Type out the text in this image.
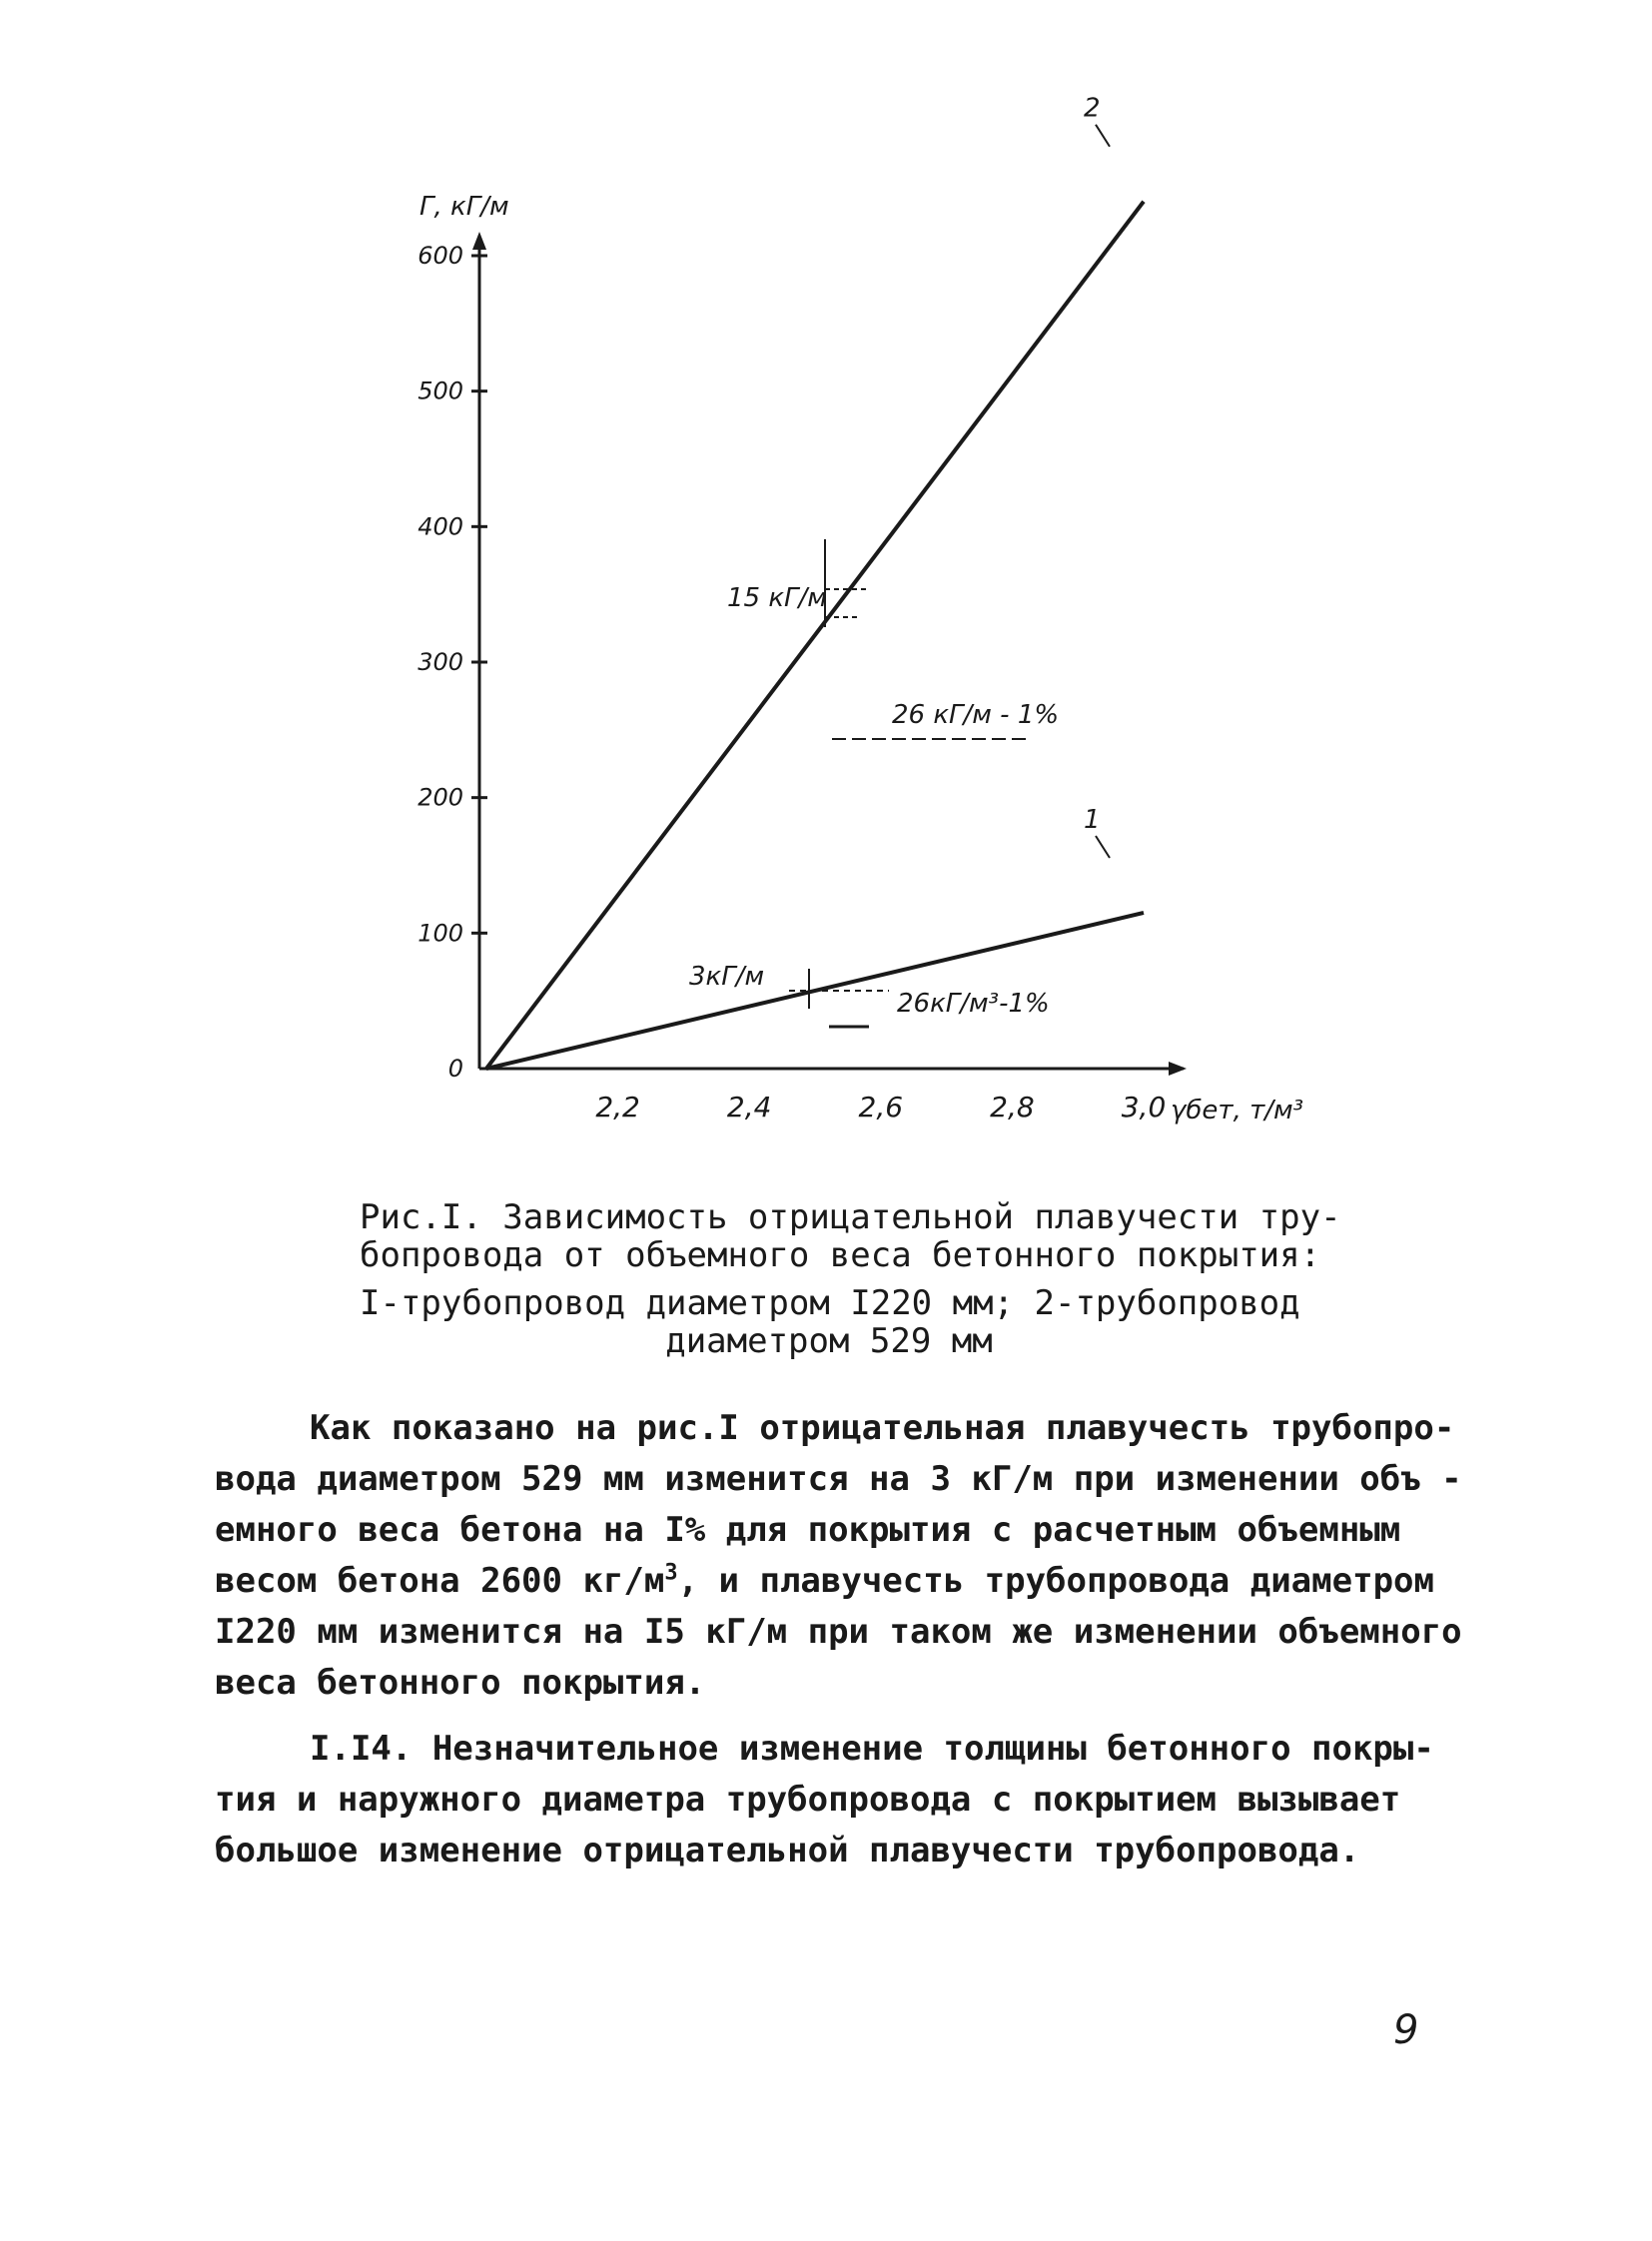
Г, кГ/м
γбет, т/м³
0
100
200
300
400
500
600
2,2	2,4	2,6	2,8	3,0
1
2
15 кГ/м
26 кГ/м - 1%
3кГ/м
26кГ/м³-1%
Рис.I. Зависимость отрицательной плавучести тру-
бопровода от объемного веса бетонного покрытия:
I-трубопровод диаметром I220 мм; 2-трубопровод
диаметром 529 мм

Как показано на рис.I отрицательная плавучесть трубопро-
вода диаметром 529 мм изменится на 3 кГ/м при изменении объ -
емного веса бетона на I% для покрытия с расчетным объемным
весом бетона 2600 $кг/м^3$, и плавучесть трубопровода диаметром
I220 мм изменится на I5 кГ/м при таком же изменении объемного
веса бетонного покрытия.

I.I4. Незначительное изменение толщины бетонного покры-
тия и наружного диаметра трубопровода с покрытием вызывает
большое изменение отрицательной плавучести трубопровода.

9
